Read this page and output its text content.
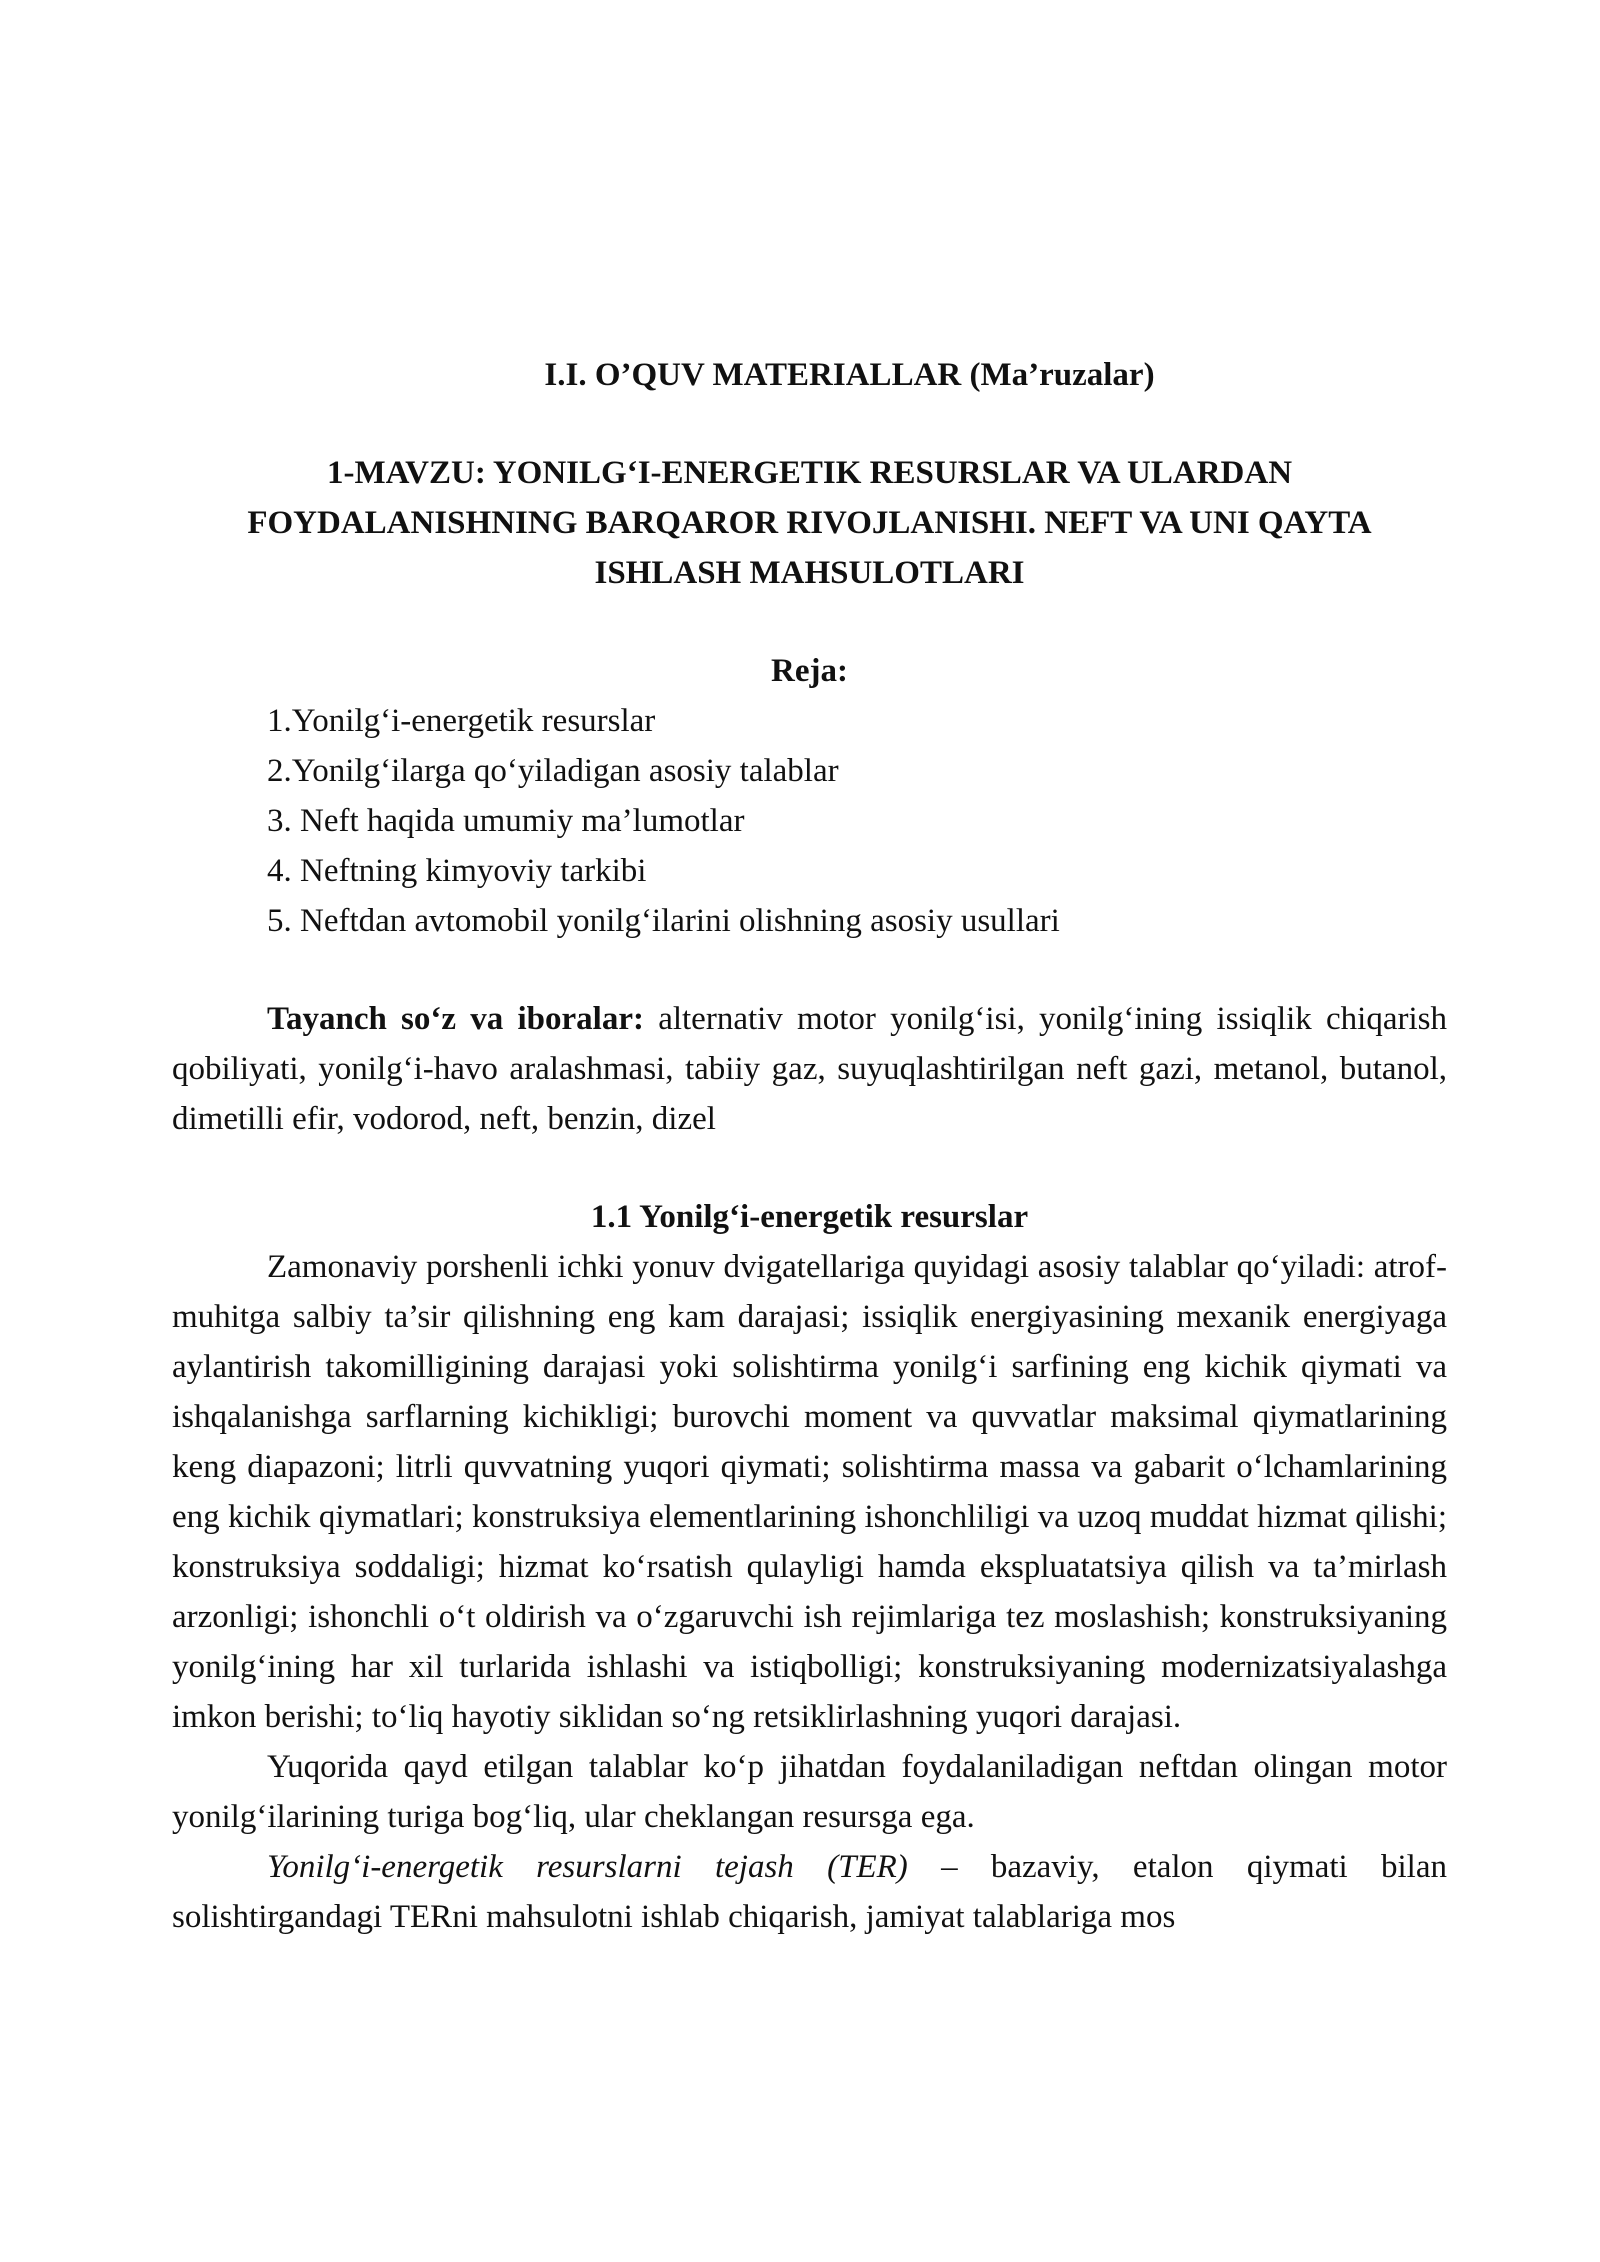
I.I. O’QUV MATERIALLAR (Ma’ruzalar)
1-MAVZU: YONILG‘I-ENERGETIK RESURSLAR VA ULARDAN FOYDALANISHNING BARQAROR RIVOJLANISHI. NEFT VA UNI QAYTA ISHLASH MAHSULOTLARI
Reja:
1.Yonilg‘i-energetik resurslar
2.Yonilg‘ilarga qo‘yiladigan asosiy talablar
3. Neft haqida umumiy ma’lumotlar
4. Neftning kimyoviy tarkibi
5. Neftdan avtomobil yonilg‘ilarini olishning asosiy usullari

Tayanch so‘z va iboralar: alternativ motor yonilg‘isi, yonilg‘ining issiqlik chiqarish qobiliyati, yonilg‘i-havo aralashmasi, tabiiy gaz, suyuqlashtirilgan neft gazi, metanol, butanol, dimetilli efir, vodorod, neft, benzin, dizel

1.1 Yonilg‘i-energetik resurslar

Zamonaviy porshenli ichki yonuv dvigatellariga quyidagi asosiy talablar qo‘yiladi: atrof-muhitga salbiy ta’sir qilishning eng kam darajasi; issiqlik energiyasining mexanik energiyaga aylantirish takomilligining darajasi yoki solishtirma yonilg‘i sarfining eng kichik qiymati va ishqalanishga sarflarning kichikligi; burovchi moment va quvvatlar maksimal qiymatlarining keng diapazoni; litrli quvvatning yuqori qiymati; solishtirma massa va gabarit o‘lchamlarining eng kichik qiymatlari; konstruksiya elementlarining ishonchliligi va uzoq muddat hizmat qilishi; konstruksiya soddaligi; hizmat ko‘rsatish qulayligi hamda ekspluatatsiya qilish va ta’mirlash arzonligi; ishonchli o‘t oldirish va o‘zgaruvchi ish rejimlariga tez moslashish; konstruksiyaning yonilg‘ining har xil turlarida ishlashi va istiqbolligi; konstruksiyaning modernizatsiyalashga imkon berishi; to‘liq hayotiy siklidan so‘ng retsiklirlashning yuqori darajasi.

Yuqorida qayd etilgan talablar ko‘p jihatdan foydalaniladigan neftdan olingan motor yonilg‘ilarining turiga bog‘liq, ular cheklangan resursga ega.

Yonilg‘i-energetik resurslarni tejash (TER) – bazaviy, etalon qiymati bilan solishtirgandagi TERni mahsulotni ishlab chiqarish, jamiyat talablariga mos
